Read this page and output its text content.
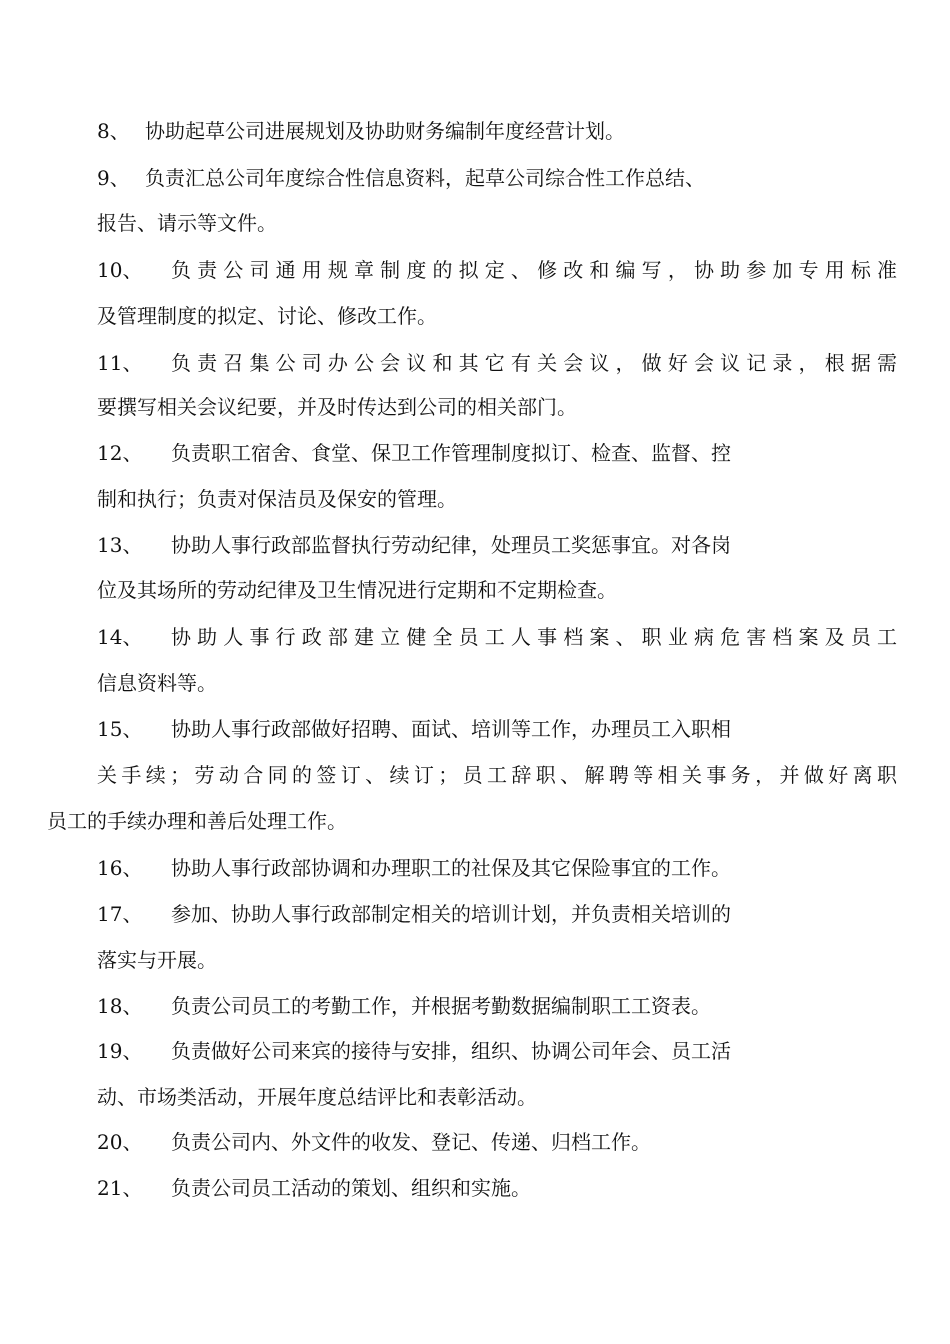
8、 协助起草公司进展规划及协助财务编制年度经营计划。
9、 负责汇总公司年度综合性信息资料，起草公司综合性工作总结、
报告、请示等文件。
10、 负责公司通用规章制度的拟定、修改和编写，协助参加专用标准
及管理制度的拟定、讨论、修改工作。
11、 负责召集公司办公会议和其它有关会议，做好会议记录，根据需
要撰写相关会议纪要，并及时传达到公司的相关部门。
12、 负责职工宿舍、食堂、保卫工作管理制度拟订、检查、监督、控
制和执行；负责对保洁员及保安的管理。
13、 协助人事行政部监督执行劳动纪律，处理员工奖惩事宜。对各岗
位及其场所的劳动纪律及卫生情况进行定期和不定期检查。
14、 协助人事行政部建立健全员工人事档案、职业病危害档案及员工
信息资料等。
15、 协助人事行政部做好招聘、面试、培训等工作，办理员工入职相
关手续；劳动合同的签订、续订；员工辞职、解聘等相关事务，并做好离职
员工的手续办理和善后处理工作。
16、 协助人事行政部协调和办理职工的社保及其它保险事宜的工作。
17、 参加、协助人事行政部制定相关的培训计划，并负责相关培训的
落实与开展。
18、 负责公司员工的考勤工作，并根据考勤数据编制职工工资表。
19、 负责做好公司来宾的接待与安排，组织、协调公司年会、员工活
动、市场类活动，开展年度总结评比和表彰活动。
20、 负责公司内、外文件的收发、登记、传递、归档工作。
21、 负责公司员工活动的策划、组织和实施。
